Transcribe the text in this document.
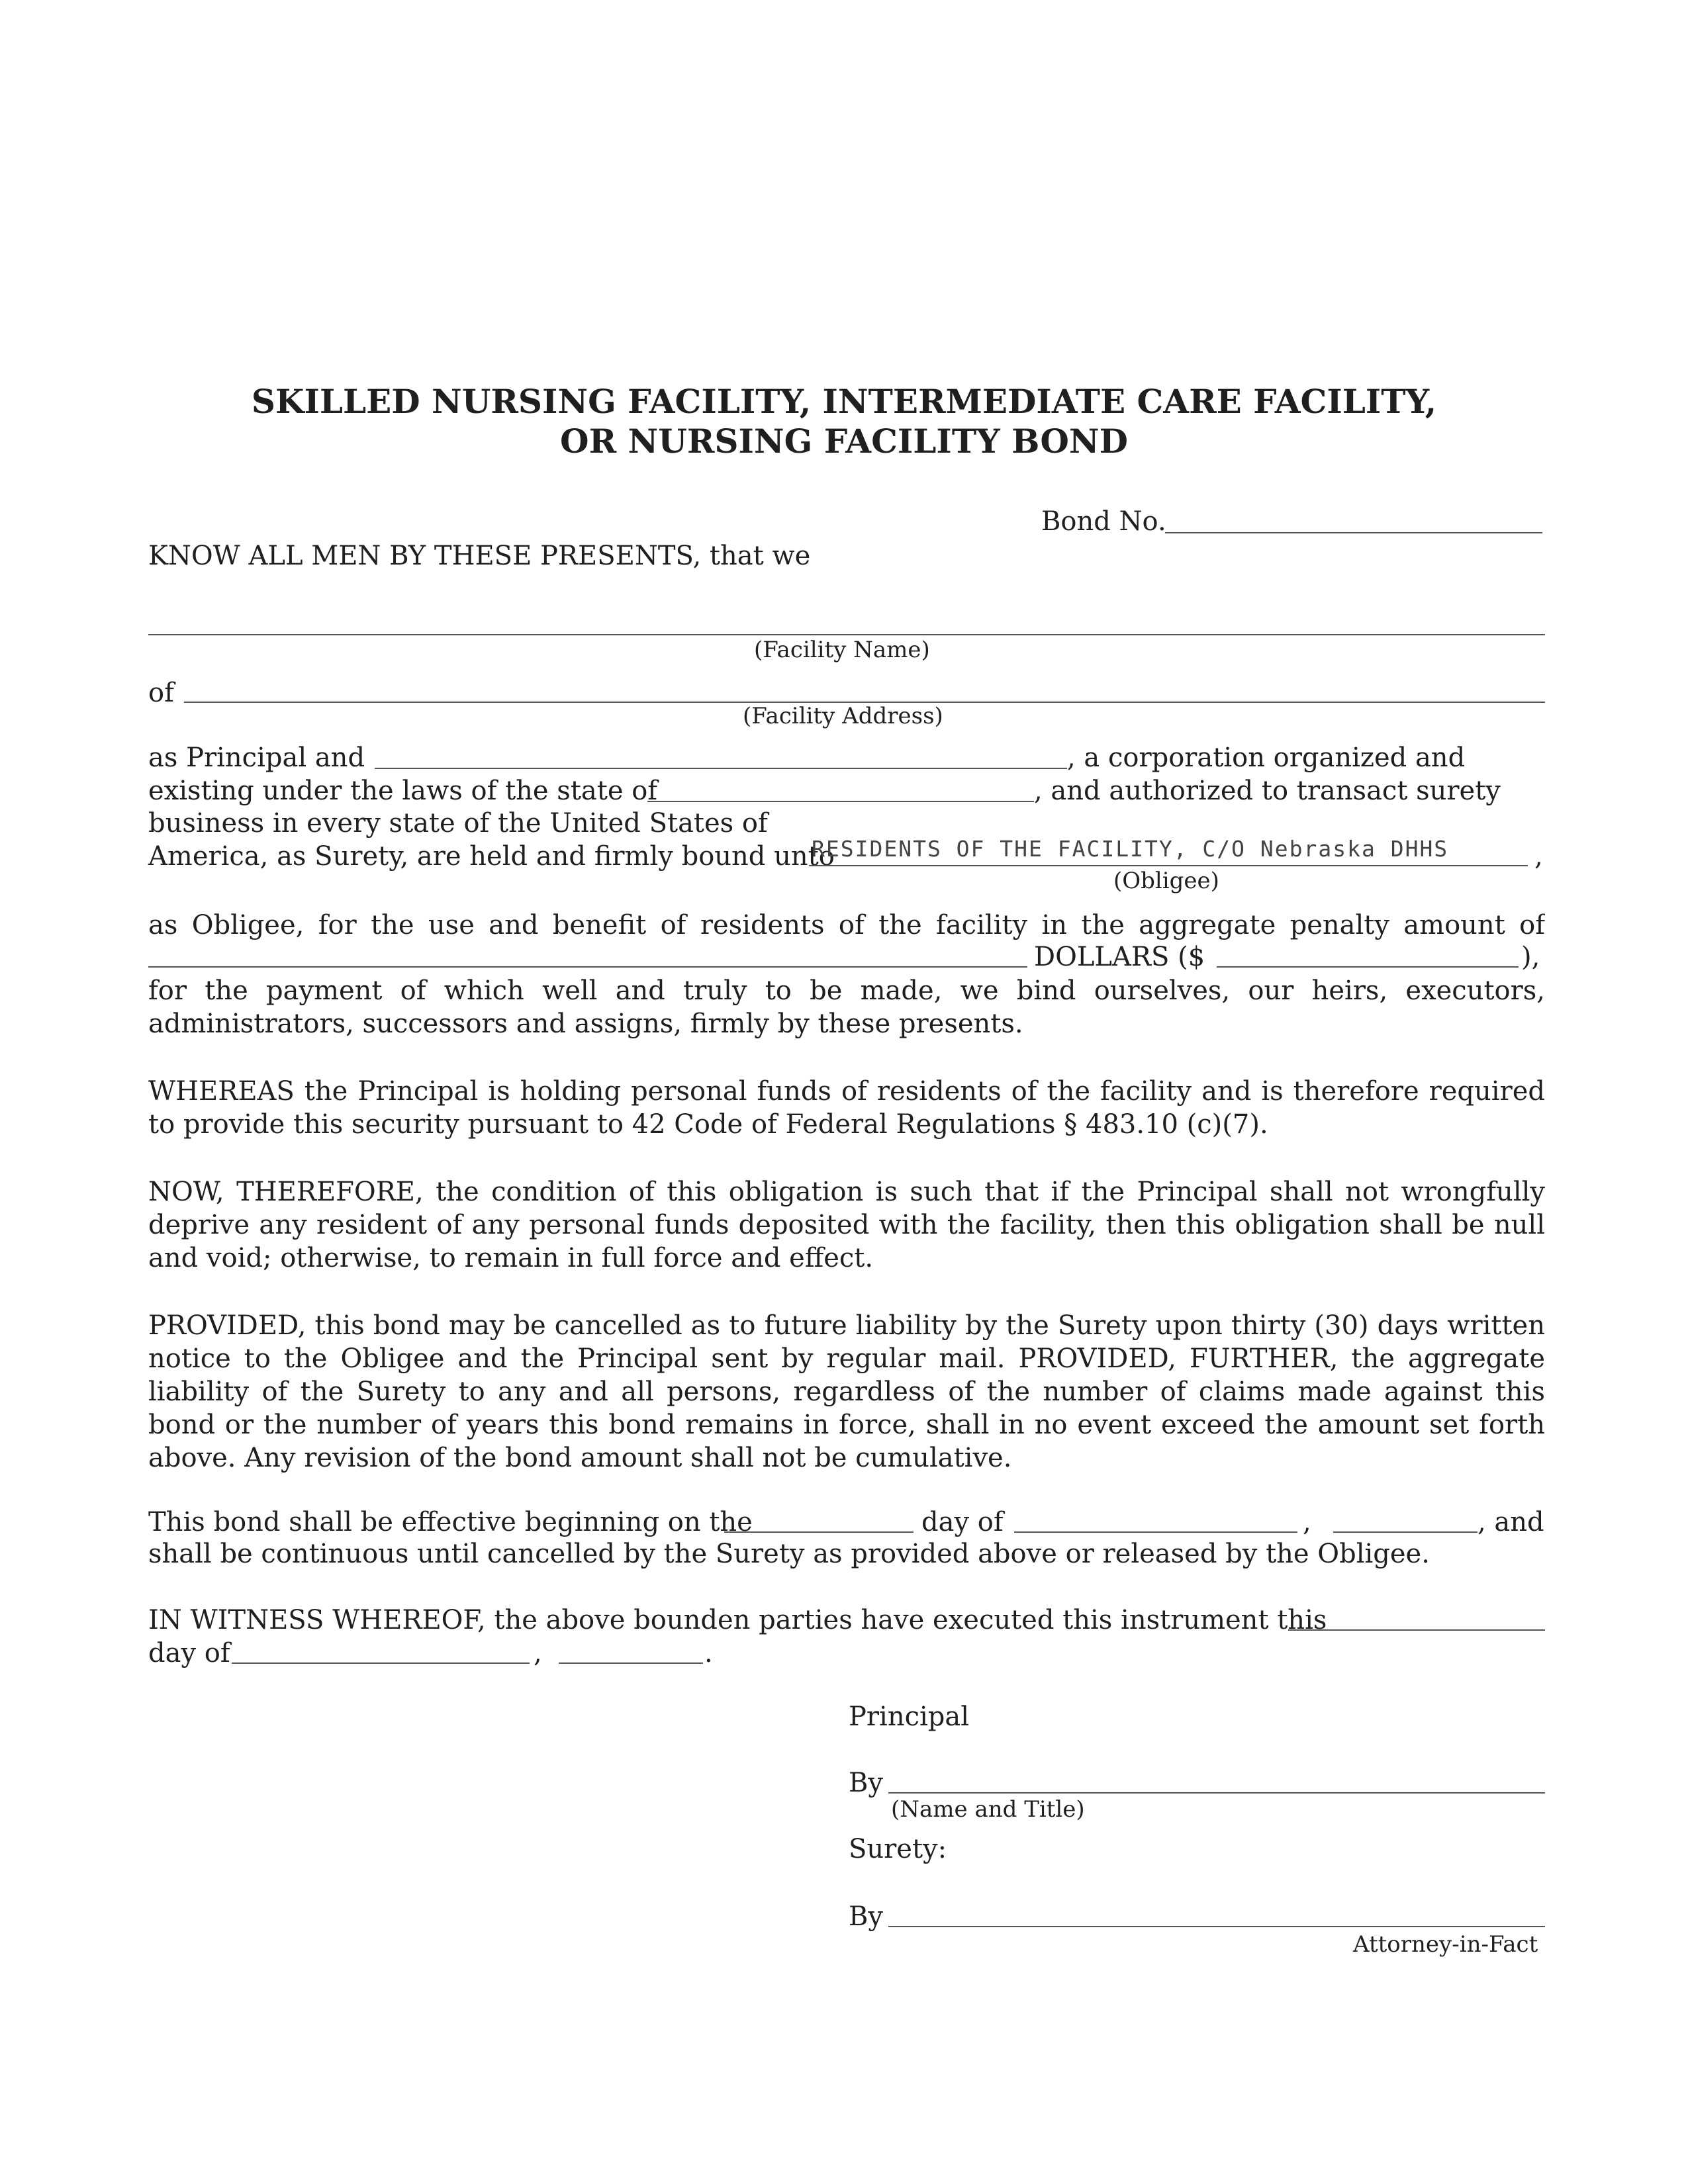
SKILLED NURSING FACILITY, INTERMEDIATE CARE FACILITY,
OR NURSING FACILITY BOND
Bond No.
KNOW ALL MEN BY THESE PRESENTS, that we
(Facility Name)
of
(Facility Address)
as Principal and	, a corporation organized and
existing under the laws of the state of	, and authorized to transact surety
business in every state of the United States of
America, as Surety, are held and firmly bound unto
RESIDENTS OF THE FACILITY, C/O Nebraska DHHS	,
(Obligee)
as Obligee, for the use and benefit of residents of the facility in the aggregate penalty amount of
DOLLARS ($	),
for the payment of which well and truly to be made, we bind ourselves, our heirs, executors, administrators, successors and assigns, firmly by these presents.
WHEREAS the Principal is holding personal funds of residents of the facility and is therefore required to provide this security pursuant to 42 Code of Federal Regulations § 483.10 (c)(7).
NOW, THEREFORE, the condition of this obligation is such that if the Principal shall not wrongfully deprive any resident of any personal funds deposited with the facility, then this obligation shall be null and void; otherwise, to remain in full force and effect.
PROVIDED, this bond may be cancelled as to future liability by the Surety upon thirty (30) days written notice to the Obligee and the Principal sent by regular mail. PROVIDED, FURTHER, the aggregate liability of the Surety to any and all persons, regardless of the number of claims made against this bond or the number of years this bond remains in force, shall in no event exceed the amount set forth above. Any revision of the bond amount shall not be cumulative.
This bond shall be effective beginning on the	day of	,	, and
shall be continuous until cancelled by the Surety as provided above or released by the Obligee.
IN WITNESS WHEREOF, the above bounden parties have executed this instrument this
day of	,	.
Principal
By
(Name and Title)
Surety:
By
Attorney-in-Fact
